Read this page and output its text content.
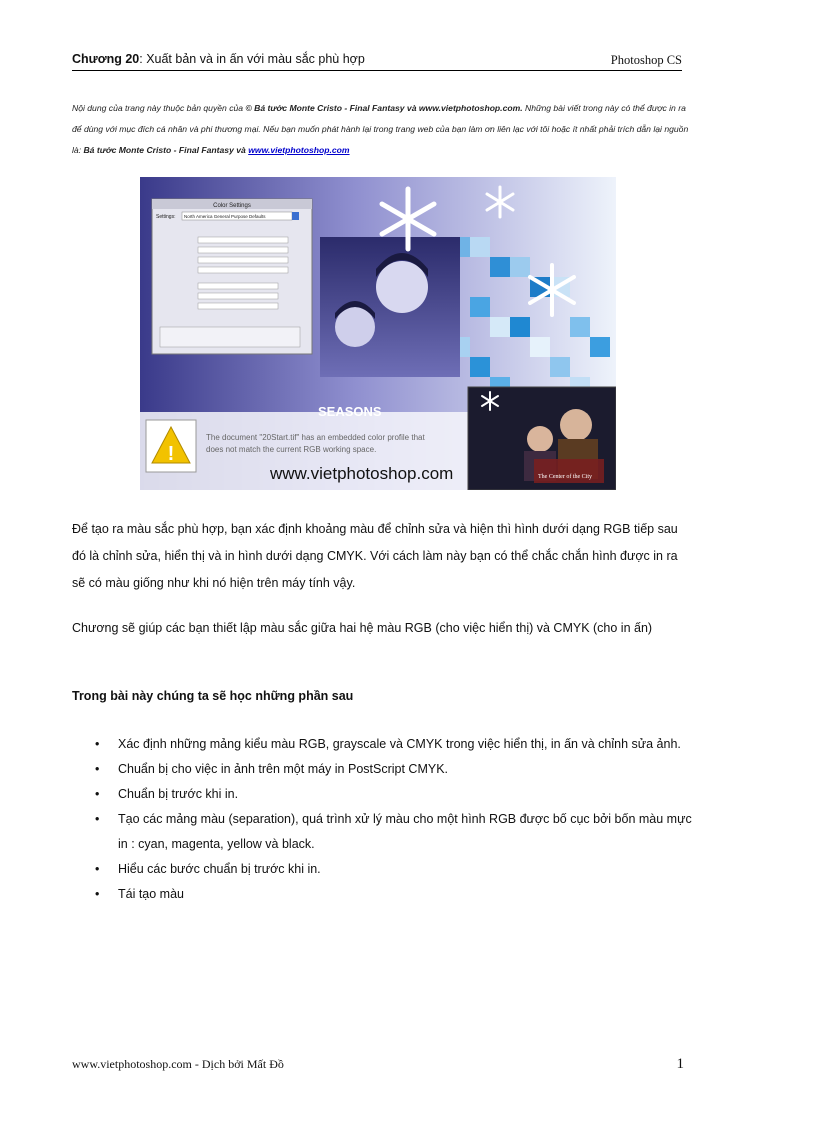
Chương 20: Xuất bản và in ấn với màu sắc phù hợp	Photoshop CS
Nội dung của trang này thuộc bản quyền của © Bá tước Monte Cristo - Final Fantasy và www.vietphotoshop.com. Những bài viết trong này có thể được in ra để dùng với mục đích cá nhân và phi thương mại. Nếu bạn muốn phát hành lại trong trang web của bạn làm ơn liên lạc với tôi hoặc ít nhất phải trích dẫn lại nguồn là: Bá tước Monte Cristo - Final Fantasy và www.vietphotoshop.com
Color Settings
Settings: North America General Purpose Defaults
!
The document "20Start.tif" has an embedded color profile that
does not match the current RGB working space.
www.vietphotoshop.com
SEASONS
The Center of the City
Để tạo ra màu sắc phù hợp, bạn xác định khoảng màu để chỉnh sửa và hiện thì hình dưới dạng RGB tiếp sau đó là chỉnh sửa, hiển thị và in hình dưới dạng CMYK. Với cách làm này bạn có thể chắc chắn hình được in ra sẽ có màu giống như khi nó hiện trên máy tính vậy.
Chương sẽ giúp các bạn thiết lập màu sắc giữa hai hệ màu RGB (cho việc hiển thị) và CMYK (cho in ấn)
Trong bài này chúng ta sẽ học những phần sau
• Xác định những mảng kiểu màu RGB, grayscale và CMYK trong việc hiển thị, in ấn và chỉnh sửa ảnh.
• Chuẩn bị cho việc in ảnh trên một máy in PostScript CMYK.
• Chuẩn bị trước khi in.
• Tạo các mảng màu (separation), quá trình xử lý màu cho một hình RGB được bố cục bởi bốn màu mực in : cyan, magenta, yellow và black.
• Hiểu các bước chuẩn bị trước khi in.
• Tái tạo màu
www.vietphotoshop.com - Dịch bởi Mất Đồ	1
